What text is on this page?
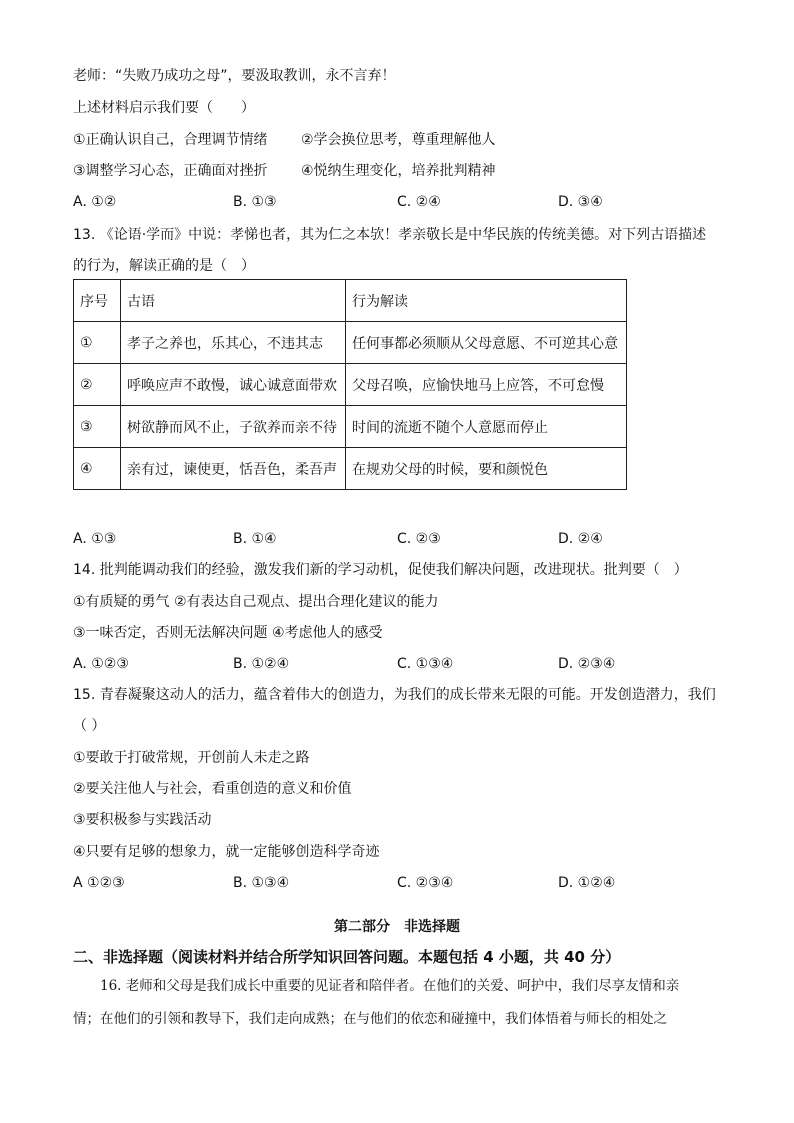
老师：“失败乃成功之母”，要汲取教训，永不言弃！
上述材料启示我们要（　　）
①正确认识自己，合理调节情绪 ②学会换位思考，尊重理解他人
③调整学习心态，正确面对挫折 ④悦纳生理变化，培养批判精神
A. ①②	B. ①③	C. ②④	D. ③④
13. 《论语·学而》中说：孝悌也者，其为仁之本欤！孝亲敬长是中华民族的传统美德。对下列古语描述
的行为，解读正确的是（　）
序号	古语	行为解读
①	孝子之养也，乐其心，不违其志	任何事都必须顺从父母意愿、不可逆其心意
②	呼唤应声不敢慢，诚心诚意面带欢	父母召唤，应愉快地马上应答，不可怠慢
③	树欲静而风不止，子欲养而亲不待	时间的流逝不随个人意愿而停止
④	亲有过，谏使更，恬吾色，柔吾声	在规劝父母的时候，要和颜悦色
A. ①③	B. ①④	C. ②③	D. ②④
14. 批判能调动我们的经验，激发我们新的学习动机，促使我们解决问题，改进现状。批判要（　）
①有质疑的勇气 ②有表达自己观点、提出合理化建议的能力
③一味否定，否则无法解决问题 ④考虑他人的感受
A. ①②③	B. ①②④	C. ①③④	D. ②③④
15. 青春凝聚这动人的活力，蕴含着伟大的创造力，为我们的成长带来无限的可能。开发创造潜力，我们
（ ）
①要敢于打破常规，开创前人未走之路
②要关注他人与社会，看重创造的意义和价值
③要积极参与实践活动
④只要有足够的想象力，就一定能够创造科学奇迹
A ①②③	B. ①③④	C. ②③④	D. ①②④
第二部分　非选择题
二、非选择题（阅读材料并结合所学知识回答问题。本题包括 4 小题，共 40 分）
16. 老师和父母是我们成长中重要的见证者和陪伴者。在他们的关爱、呵护中，我们尽享友情和亲
情；在他们的引领和教导下，我们走向成熟；在与他们的依恋和碰撞中，我们体悟着与师长的相处之
